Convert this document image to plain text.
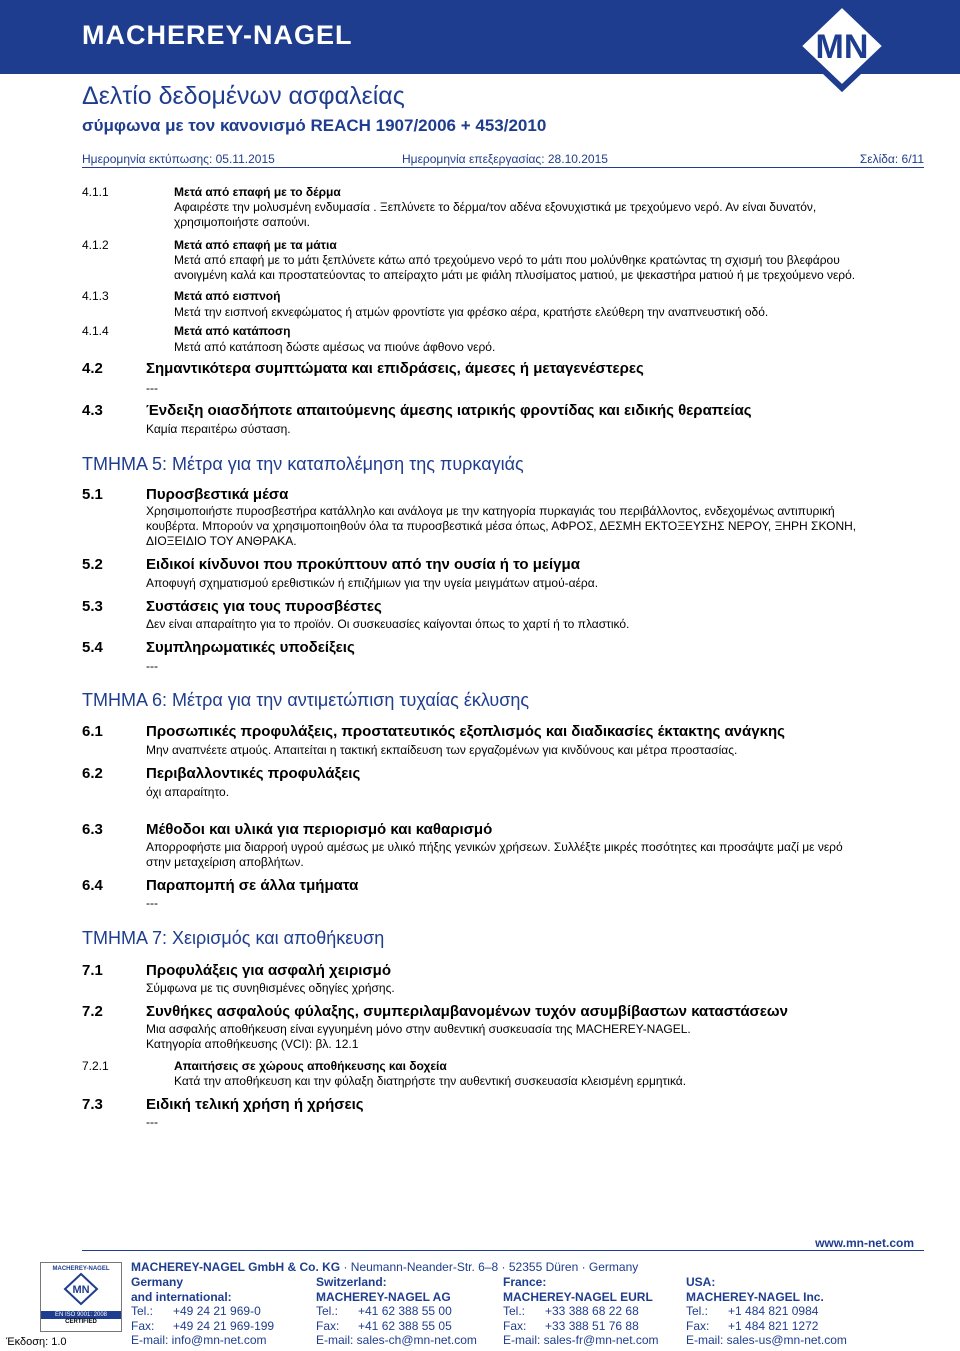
MACHEREY-NAGEL	MN
Δελτίο δεδομένων ασφαλείας
σύμφωνα με τον κανονισμό REACH 1907/2006 + 453/2010
Ημερομηνία εκτύπωσης: 05.11.2015	Ημερομηνία επεξεργασίας: 28.10.2015	Σελίδα: 6/11
4.1.1	Μετά από επαφή με το δέρμα
Αφαιρέστε την μολυσμένη ενδυμασία . Ξεπλύνετε το δέρμα/τον αδένα εξονυχιστικά με τρεχούμενο νερό. Αν είναι δυνατόν,
χρησιμοποιήστε σαπούνι.
4.1.2	Μετά από επαφή με τα μάτια
Μετά από επαφή με το μάτι ξεπλύνετε κάτω από τρεχούμενο νερό το μάτι που μολύνθηκε κρατώντας τη σχισμή του βλεφάρου
ανοιγμένη καλά και προστατεύοντας το απείραχτο μάτι με φιάλη πλυσίματος ματιού, με ψεκαστήρα ματιού ή με τρεχούμενο νερό.
4.1.3	Μετά από εισπνοή
Μετά την εισπνοή εκνεφώματος ή ατμών φροντίστε για φρέσκο αέρα, κρατήστε ελεύθερη την αναπνευστική οδό.
4.1.4	Μετά από κατάποση
Μετά από κατάποση δώστε αμέσως να πιούνε άφθονο νερό.
4.2	Σημαντικότερα συμπτώματα και επιδράσεις, άμεσες ή μεταγενέστερες
---
4.3	Ένδειξη οιασδήποτε απαιτούμενης άμεσης ιατρικής φροντίδας και ειδικής θεραπείας
Καμία περαιτέρω σύσταση.
ΤΜΗΜΑ 5: Μέτρα για την καταπολέμηση της πυρκαγιάς
5.1	Πυροσβεστικά μέσα
Χρησιμοποιήστε πυροσβεστήρα κατάλληλο και ανάλογα με την κατηγορία πυρκαγιάς του περιβάλλοντος, ενδεχομένως αντιπυρική
κουβέρτα. Μπορούν να χρησιμοποιηθούν όλα τα πυροσβεστικά μέσα όπως, ΑΦΡΟΣ, ΔΕΣΜΗ ΕΚΤΟΞΕΥΣΗΣ ΝΕΡΟΥ, ΞΗΡΗ ΣΚΟΝΗ,
ΔΙΟΞΕΙΔΙΟ ΤΟΥ ΑΝΘΡΑΚΑ.
5.2	Ειδικοί κίνδυνοι που προκύπτουν από την ουσία ή το μείγμα
Αποφυγή σχηματισμού ερεθιστικών ή επιζήμιων για την υγεία μειγμάτων ατμού-αέρα.
5.3	Συστάσεις για τους πυροσβέστες
Δεν είναι απαραίτητο για το προϊόν. Οι συσκευασίες καίγονται όπως το χαρτί ή το πλαστικό.
5.4	Συμπληρωματικές υποδείξεις
---
ΤΜΗΜΑ 6: Μέτρα για την αντιμετώπιση τυχαίας έκλυσης
6.1	Προσωπικές προφυλάξεις, προστατευτικός εξοπλισμός και διαδικασίες έκτακτης ανάγκης
Μην αναπνέετε ατμούς. Απαιτείται η τακτική εκπαίδευση των εργαζομένων για κινδύνους και μέτρα προστασίας.
6.2	Περιβαλλοντικές προφυλάξεις
όχι απαραίτητο.
6.3	Μέθοδοι και υλικά για περιορισμό και καθαρισμό
Απορροφήστε μια διαρροή υγρού αμέσως με υλικό πήξης γενικών χρήσεων. Συλλέξτε μικρές ποσότητες και προσάψτε μαζί με νερό
στην μεταχείριση αποβλήτων.
6.4	Παραπομπή σε άλλα τμήματα
---
ΤΜΗΜΑ 7: Χειρισμός και αποθήκευση
7.1	Προφυλάξεις για ασφαλή χειρισμό
Σύμφωνα με τις συνηθισμένες οδηγίες χρήσης.
7.2	Συνθήκες ασφαλούς φύλαξης, συμπεριλαμβανομένων τυχόν ασυμβίβαστων καταστάσεων
Μια ασφαλής αποθήκευση είναι εγγυημένη μόνο στην αυθεντική συσκευασία της MACHEREY-NAGEL.
Κατηγορία αποθήκευσης (VCI): βλ. 12.1
7.2.1	Απαιτήσεις σε χώρους αποθήκευσης και δοχεία
Κατά την αποθήκευση και την φύλαξη διατηρήστε την αυθεντική συσκευασία κλεισμένη ερμητικά.
7.3	Ειδική τελική χρήση ή χρήσεις
---
www.mn-net.com
MACHEREY-NAGEL GmbH & Co. KG · Neumann-Neander-Str. 6–8 · 52355 Düren · Germany
Germany
and international:
Tel.: +49 24 21 969-0
Fax: +49 24 21 969-199
E-mail: info@mn-net.com
Switzerland:
MACHEREY-NAGEL AG
Tel.: +41 62 388 55 00
Fax: +41 62 388 55 05
E-mail: sales-ch@mn-net.com
France:
MACHEREY-NAGEL EURL
Tel.: +33 388 68 22 68
Fax: +33 388 51 76 88
E-mail: sales-fr@mn-net.com
USA:
MACHEREY-NAGEL Inc.
Tel.: +1 484 821 0984
Fax: +1 484 821 1272
E-mail: sales-us@mn-net.com
MACHEREY-NAGEL
MN
EN ISO 9001: 2008
CERTIFIED
Έκδοση: 1.0
